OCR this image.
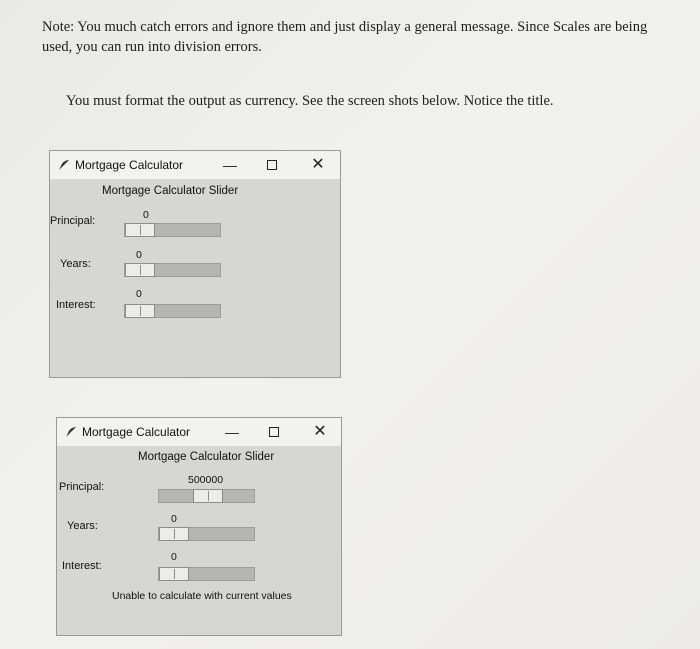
Note: You much catch errors and ignore them and just display a general message. Since Scales are being used, you can run into division errors.
You must format the output as currency. See the screen shots below. Notice the title.
Mortgage Calculator	—	✕
Mortgage Calculator Slider
Principal:	0
Years:
0
Interest:
0
Mortgage Calculator —	✕
Mortgage Calculator Slider
Principal:
500000
Years:
0
Interest:
0
Unable to calculate with current values
